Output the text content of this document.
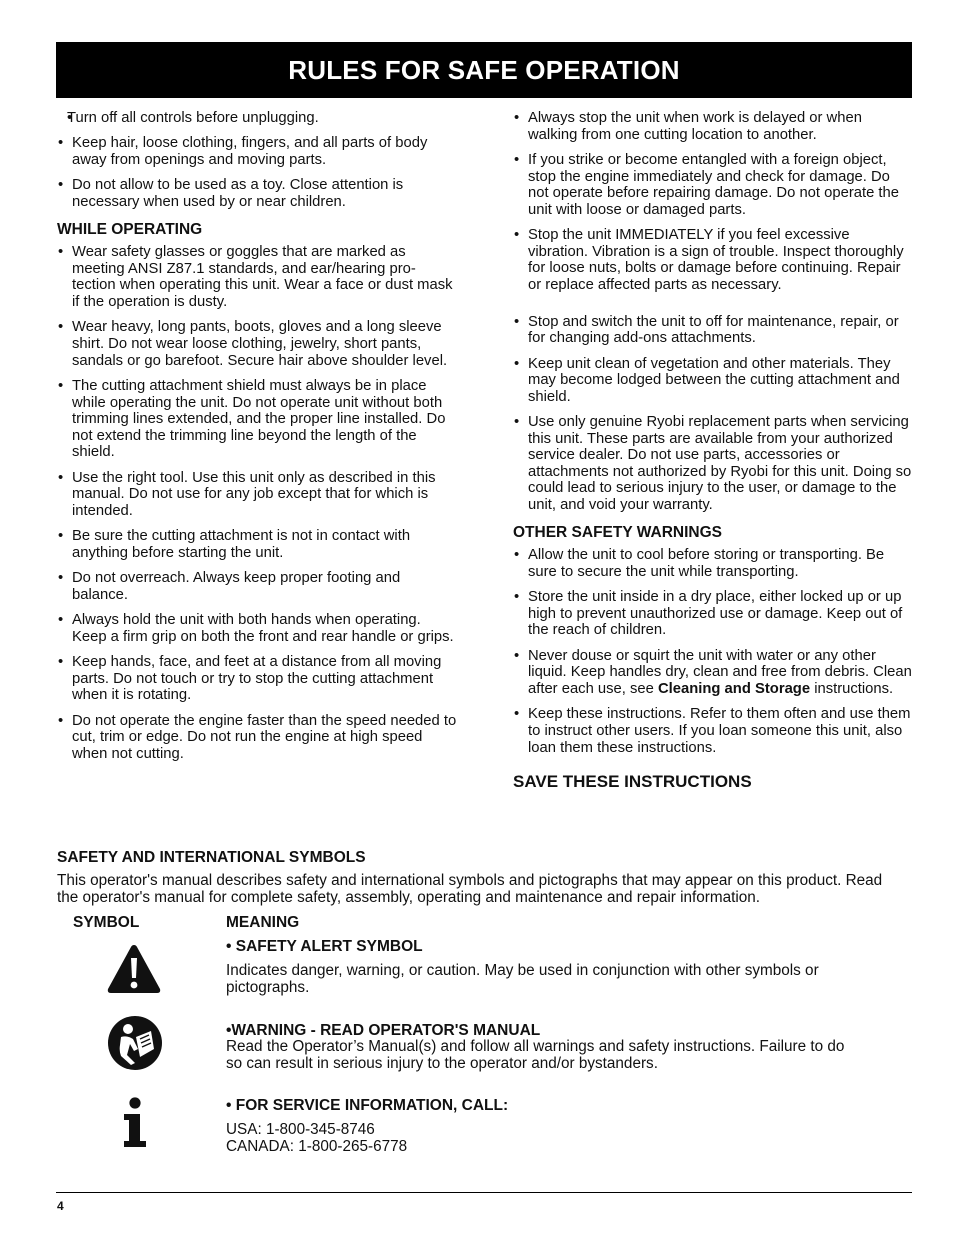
RULES FOR SAFE OPERATION
• Turn off all controls before unplugging.
• Keep hair, loose clothing, fingers, and all parts of body away from openings and moving parts.
• Do not allow to be used as a toy. Close attention is necessary when used by or near children.
WHILE OPERATING
• Wear safety glasses or goggles that are marked as meeting ANSI Z87.1 standards, and ear/hearing pro-tection when operating this unit. Wear a face or dust mask if the operation is dusty.
• Wear heavy, long pants, boots, gloves and a long sleeve shirt. Do not wear loose clothing, jewelry, short pants, sandals or go barefoot. Secure hair above shoulder level.
• The cutting attachment shield must always be in place while operating the unit. Do not operate unit without both trimming lines extended, and the proper line installed. Do not extend the trimming line beyond the length of the shield.
• Use the right tool. Use this unit only as described in this manual. Do not use for any job except that for which is intended.
• Be sure the cutting attachment is not in contact with anything before starting the unit.
• Do not overreach. Always keep proper footing and balance.
• Always hold the unit with both hands when operating. Keep a firm grip on both the front and rear handle or grips.
• Keep hands, face, and feet at a distance from all moving parts. Do not touch or try to stop the cutting attachment when it is rotating.
• Do not operate the engine faster than the speed needed to cut, trim or edge. Do not run the engine at high speed when not cutting.
• Always stop the unit when work is delayed or when walking from one cutting location to another.
• If you strike or become entangled with a foreign object, stop the engine immediately and check for damage. Do not operate before repairing damage. Do not operate the unit with loose or damaged parts.
• Stop the unit IMMEDIATELY if you feel excessive vibration. Vibration is a sign of trouble. Inspect thoroughly for loose nuts, bolts or damage before continuing. Repair or replace affected parts as necessary.
• Stop and switch the unit to off for maintenance, repair, or for changing add-ons attachments.
• Keep unit clean of vegetation and other materials. They may become lodged between the cutting attachment and shield.
• Use only genuine Ryobi replacement parts when servicing this unit. These parts are available from your authorized service dealer. Do not use parts, accessories or attachments not authorized by Ryobi for this unit. Doing so could lead to serious injury to the user, or damage to the unit, and void your warranty.
OTHER SAFETY WARNINGS
• Allow the unit to cool before storing or transporting. Be sure to secure the unit while transporting.
• Store the unit inside in a dry place, either locked up or up high to prevent unauthorized use or damage. Keep out of the reach of children.
• Never douse or squirt the unit with water or any other liquid. Keep handles dry, clean and free from debris. Clean after each use, see Cleaning and Storage instructions.
• Keep these instructions. Refer to them often and use them to instruct other users. If you loan someone this unit, also loan them these instructions.
SAVE THESE INSTRUCTIONS
SAFETY AND INTERNATIONAL SYMBOLS
This operator's manual describes safety and international symbols and pictographs that may appear on this product. Read the operator's manual for complete safety, assembly, operating and maintenance and repair information.
SYMBOL	MEANING
• SAFETY ALERT SYMBOL
Indicates danger, warning, or caution. May be used in conjunction with other symbols or pictographs.
•WARNING - READ OPERATOR'S MANUAL
Read the Operator’s Manual(s) and follow all warnings and safety instructions. Failure to do so can result in serious injury to the operator and/or bystanders.
• FOR SERVICE INFORMATION, CALL:
USA: 1-800-345-8746
CANADA: 1-800-265-6778
4
